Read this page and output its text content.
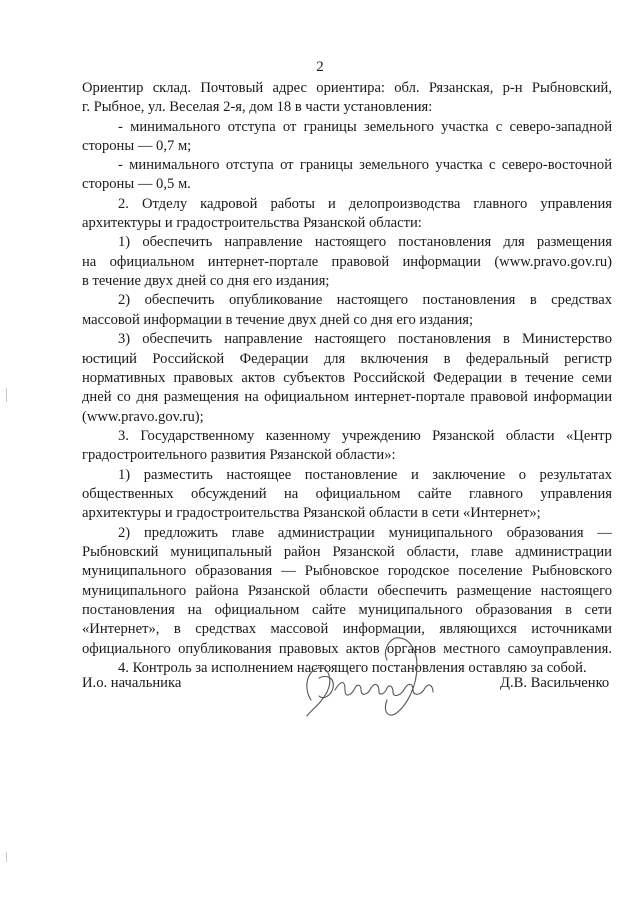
2
Ориентир склад. Почтовый адрес ориентира: обл. Рязанская, р-н Рыбновский,
г. Рыбное, ул. Веселая 2-я, дом 18 в части установления:
- минимального отступа от границы земельного участка с северо-западной
стороны — 0,7 м;
- минимального отступа от границы земельного участка с северо-восточной
стороны — 0,5 м.
2. Отделу кадровой работы и делопроизводства главного управления
архитектуры и градостроительства Рязанской области:
1) обеспечить направление настоящего постановления для размещения
на официальном интернет-портале правовой информации (www.pravo.gov.ru)
в течение двух дней со дня его издания;
2) обеспечить опубликование настоящего постановления в средствах
массовой информации в течение двух дней со дня его издания;
3) обеспечить направление настоящего постановления в Министерство
юстиций Российской Федерации для включения в федеральный регистр
нормативных правовых актов субъектов Российской Федерации в течение семи
дней со дня размещения на официальном интернет-портале правовой информации
(www.pravo.gov.ru);
3. Государственному казенному учреждению Рязанской области «Центр
градостроительного развития Рязанской области»:
1) разместить настоящее постановление и заключение о результатах
общественных обсуждений на официальном сайте главного управления
архитектуры и градостроительства Рязанской области в сети «Интернет»;
2) предложить главе администрации муниципального образования —
Рыбновский муниципальный район Рязанской области, главе администрации
муниципального образования — Рыбновское городское поселение Рыбновского
муниципального района Рязанской области обеспечить размещение настоящего
постановления на официальном сайте муниципального образования в сети
«Интернет», в средствах массовой информации, являющихся источниками
официального опубликования правовых актов органов местного самоуправления.
4. Контроль за исполнением настоящего постановления оставляю за собой.
И.о. начальника	Д.В. Васильченко
